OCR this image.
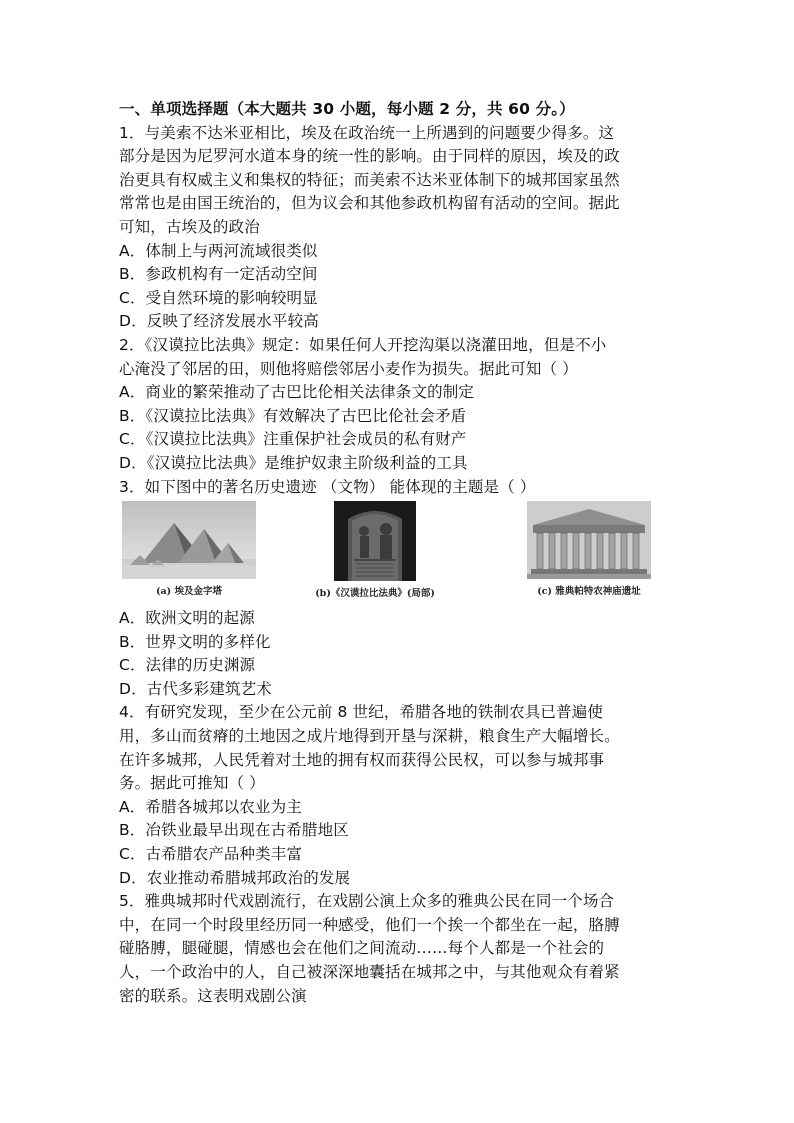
一、单项选择题（本大题共 30 小题，每小题 2 分，共 60 分。）
1．与美索不达米亚相比，埃及在政治统一上所遇到的问题要少得多。这
部分是因为尼罗河水道本身的统一性的影响。由于同样的原因，埃及的政
治更具有权威主义和集权的特征；而美索不达米亚体制下的城邦国家虽然
常常也是由国王统治的，但为议会和其他参政机构留有活动的空间。据此
可知，古埃及的政治
A．体制上与两河流域很类似
B．参政机构有一定活动空间
C．受自然环境的影响较明显
D．反映了经济发展水平较高
2．《汉谟拉比法典》规定：如果任何人开挖沟渠以浇灌田地，但是不小
心淹没了邻居的田，则他将赔偿邻居小麦作为损失。据此可知（ ）
A．商业的繁荣推动了古巴比伦相关法律条文的制定
B．《汉谟拉比法典》有效解决了古巴比伦社会矛盾
C．《汉谟拉比法典》注重保护社会成员的私有财产
D．《汉谟拉比法典》是维护奴隶主阶级利益的工具
3．如下图中的著名历史遗迹 （文物） 能体现的主题是（ ）
(a) 埃及金字塔	(b)《汉谟拉比法典》(局部)	(c) 雅典帕特农神庙遗址
A．欧洲文明的起源
B．世界文明的多样化
C．法律的历史渊源
D．古代多彩建筑艺术
4．有研究发现，至少在公元前 8 世纪，希腊各地的铁制农具已普遍使
用，多山而贫瘠的土地因之成片地得到开垦与深耕，粮食生产大幅增长。
在许多城邦，人民凭着对土地的拥有权而获得公民权，可以参与城邦事
务。据此可推知（ ）
A．希腊各城邦以农业为主
B．冶铁业最早出现在古希腊地区
C．古希腊农产品种类丰富
D．农业推动希腊城邦政治的发展
5．雅典城邦时代戏剧流行，在戏剧公演上众多的雅典公民在同一个场合
中，在同一个时段里经历同一种感受，他们一个挨一个都坐在一起，胳膊
碰胳膊，腿碰腿，情感也会在他们之间流动……每个人都是一个社会的
人，一个政治中的人，自己被深深地囊括在城邦之中，与其他观众有着紧
密的联系。这表明戏剧公演
